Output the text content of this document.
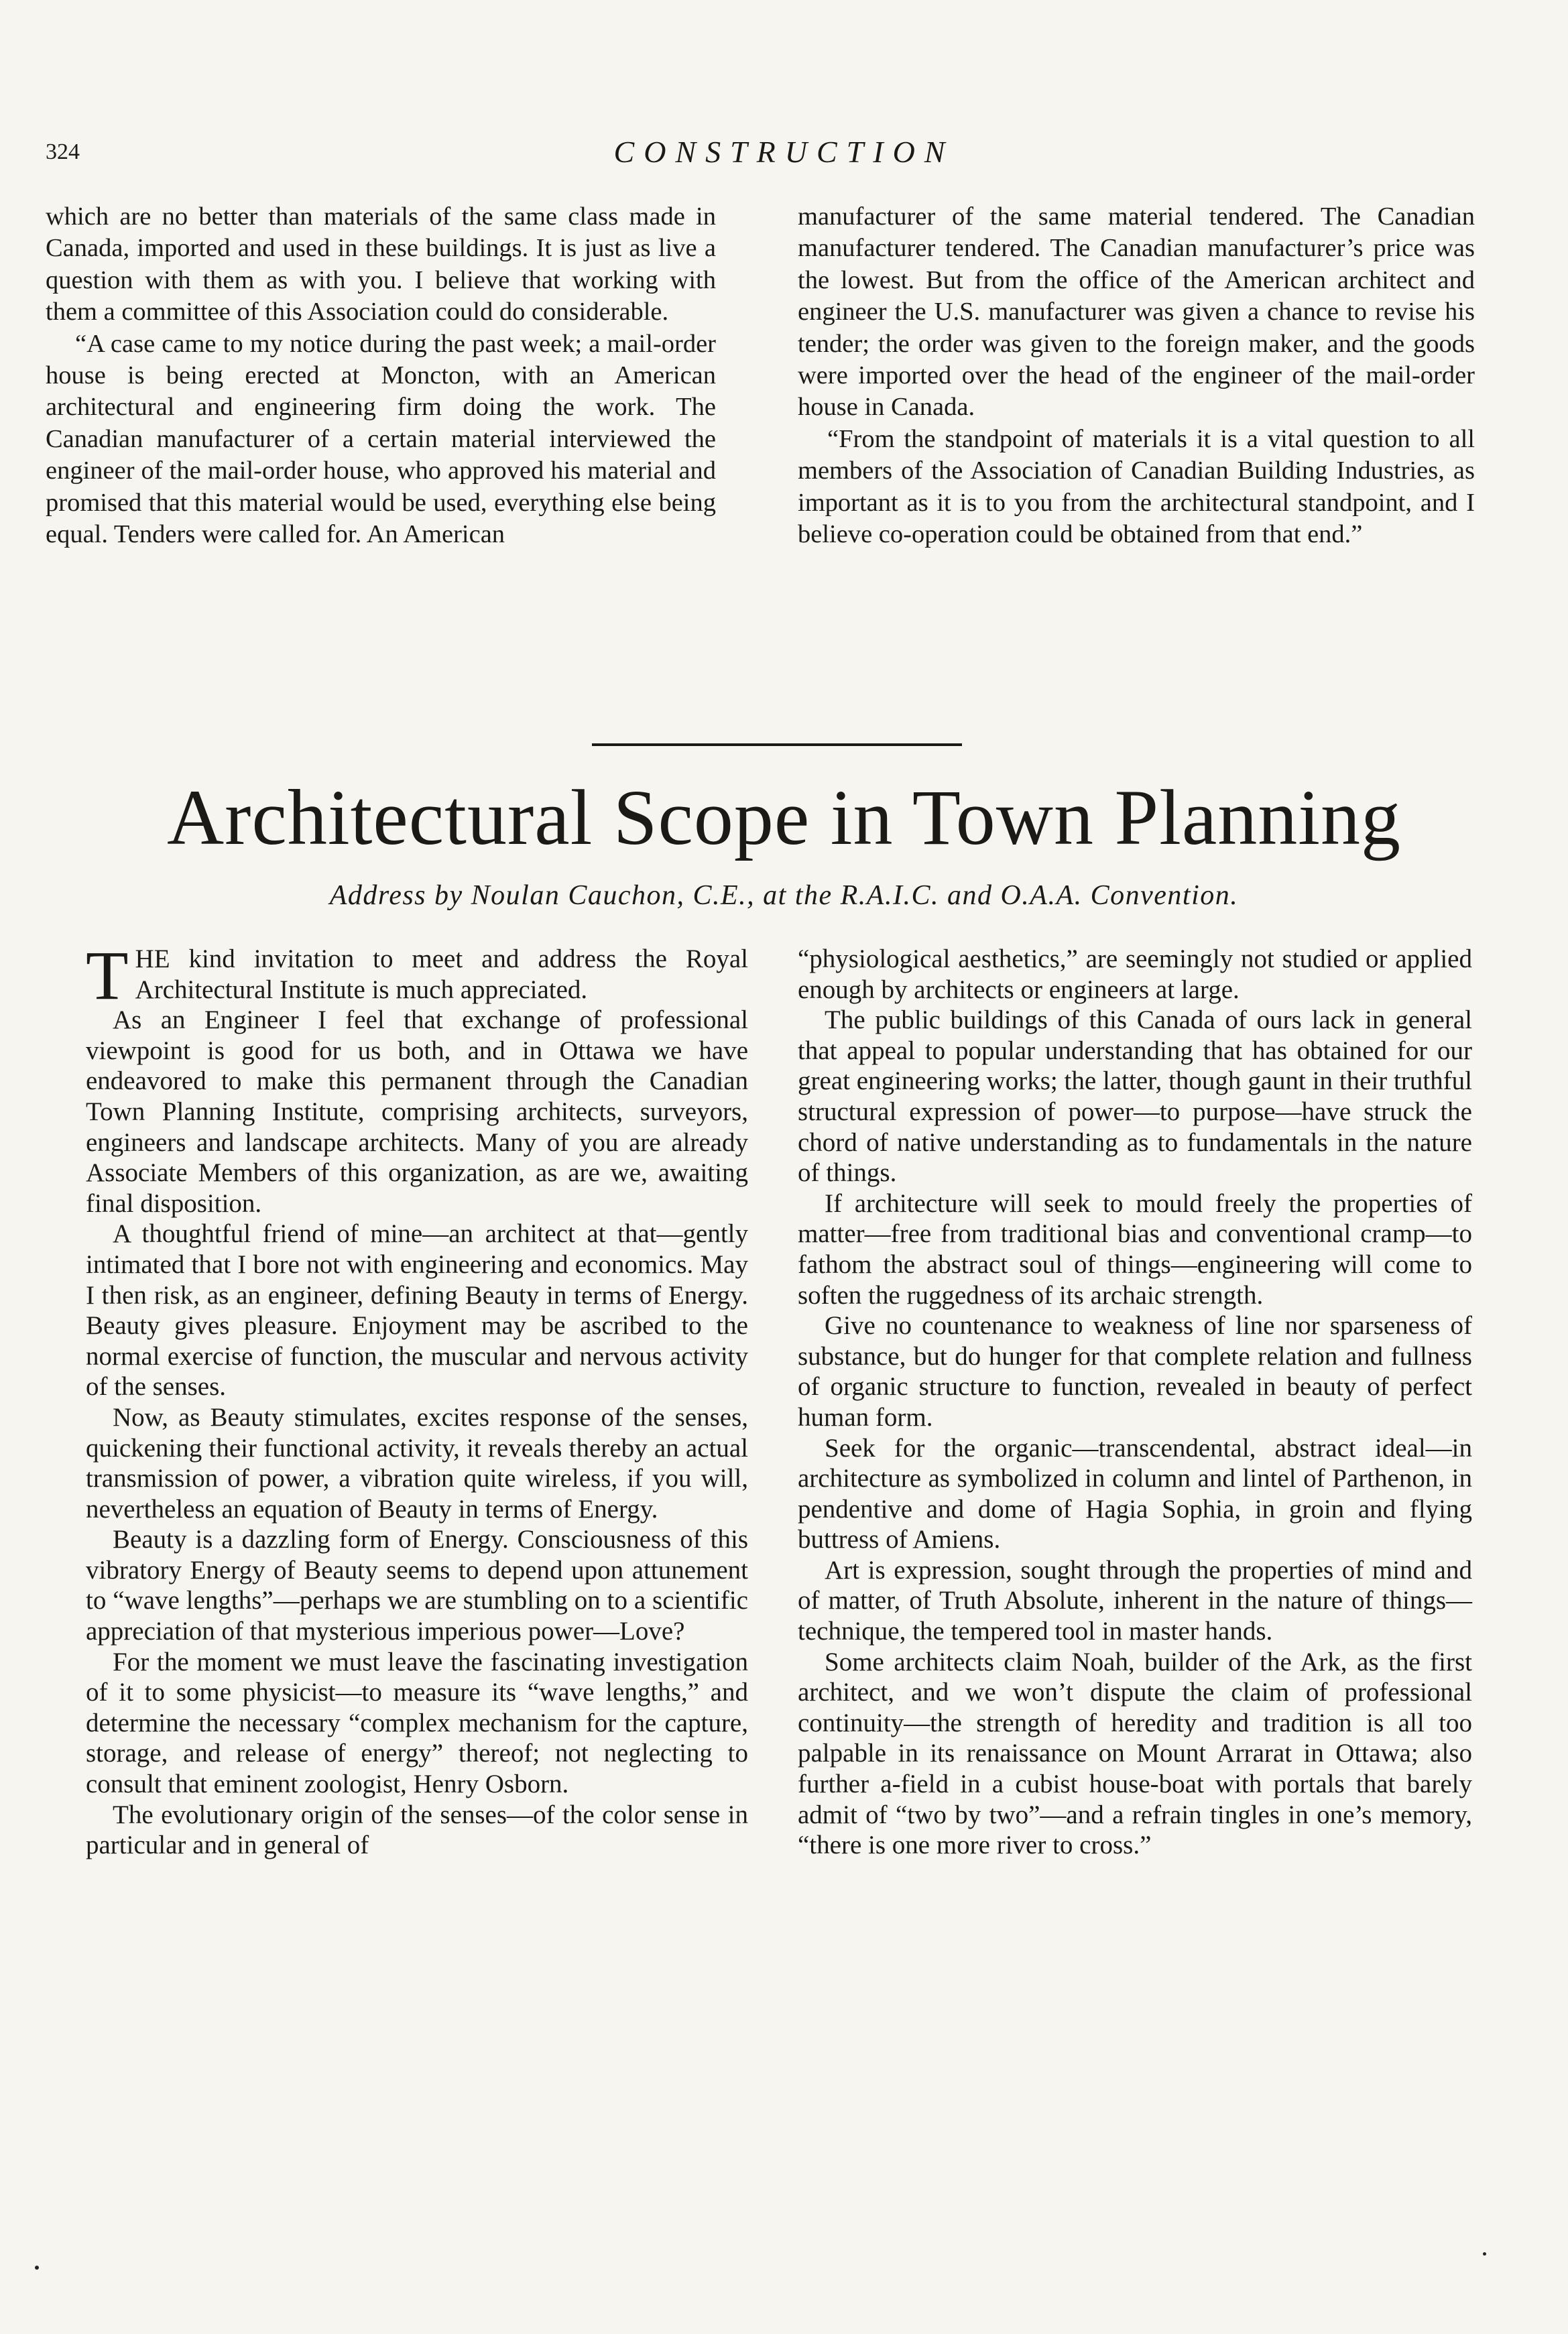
324	CONSTRUCTION

which are no better than materials of the same class made in Canada, imported and used in these buildings. It is just as live a question with them as with you. I believe that working with them a committee of this Association could do considerable.

“A case came to my notice during the past week; a mail-order house is being erected at Moncton, with an American architectural and engineering firm doing the work. The Canadian manufacturer of a certain material interviewed the engineer of the mail-order house, who approved his material and promised that this material would be used, everything else being equal. Tenders were called for. An American

manufacturer of the same material tendered. The Canadian manufacturer tendered. The Canadian manufacturer’s price was the lowest. But from the office of the American architect and engineer the U.S. manufacturer was given a chance to revise his tender; the order was given to the foreign maker, and the goods were imported over the head of the engineer of the mail-order house in Canada.

“From the standpoint of materials it is a vital question to all members of the Association of Canadian Building Industries, as important as it is to you from the architectural standpoint, and I believe co-operation could be obtained from that end.”

Architectural Scope in Town Planning
Address by Noulan Cauchon, C.E., at the R.A.I.C. and O.A.A. Convention.

THE kind invitation to meet and address the Royal Architectural Institute is much appreciated.

As an Engineer I feel that exchange of professional viewpoint is good for us both, and in Ottawa we have endeavored to make this permanent through the Canadian Town Planning Institute, comprising architects, surveyors, engineers and landscape architects. Many of you are already Associate Members of this organization, as are we, awaiting final disposition.

A thoughtful friend of mine—an architect at that—gently intimated that I bore not with engineering and economics. May I then risk, as an engineer, defining Beauty in terms of Energy. Beauty gives pleasure. Enjoyment may be ascribed to the normal exercise of function, the muscular and nervous activity of the senses.

Now, as Beauty stimulates, excites response of the senses, quickening their functional activity, it reveals thereby an actual transmission of power, a vibration quite wireless, if you will, nevertheless an equation of Beauty in terms of Energy.

Beauty is a dazzling form of Energy. Consciousness of this vibratory Energy of Beauty seems to depend upon attunement to “wave lengths”—perhaps we are stumbling on to a scientific appreciation of that mysterious imperious power—Love?

For the moment we must leave the fascinating investigation of it to some physicist—to measure its “wave lengths,” and determine the necessary “complex mechanism for the capture, storage, and release of energy” thereof; not neglecting to consult that eminent zoologist, Henry Osborn.

The evolutionary origin of the senses—of the color sense in particular and in general of

“physiological aesthetics,” are seemingly not studied or applied enough by architects or engineers at large.

The public buildings of this Canada of ours lack in general that appeal to popular understanding that has obtained for our great engineering works; the latter, though gaunt in their truthful structural expression of power—to purpose—have struck the chord of native understanding as to fundamentals in the nature of things.

If architecture will seek to mould freely the properties of matter—free from traditional bias and conventional cramp—to fathom the abstract soul of things—engineering will come to soften the ruggedness of its archaic strength.

Give no countenance to weakness of line nor sparseness of substance, but do hunger for that complete relation and fullness of organic structure to function, revealed in beauty of perfect human form.

Seek for the organic—transcendental, abstract ideal—in architecture as symbolized in column and lintel of Parthenon, in pendentive and dome of Hagia Sophia, in groin and flying buttress of Amiens.

Art is expression, sought through the properties of mind and of matter, of Truth Absolute, inherent in the nature of things—technique, the tempered tool in master hands.

Some architects claim Noah, builder of the Ark, as the first architect, and we won’t dispute the claim of professional continuity—the strength of heredity and tradition is all too palpable in its renaissance on Mount Arrarat in Ottawa; also further a-field in a cubist house-boat with portals that barely admit of “two by two”—and a refrain tingles in one’s memory, “there is one more river to cross.”
